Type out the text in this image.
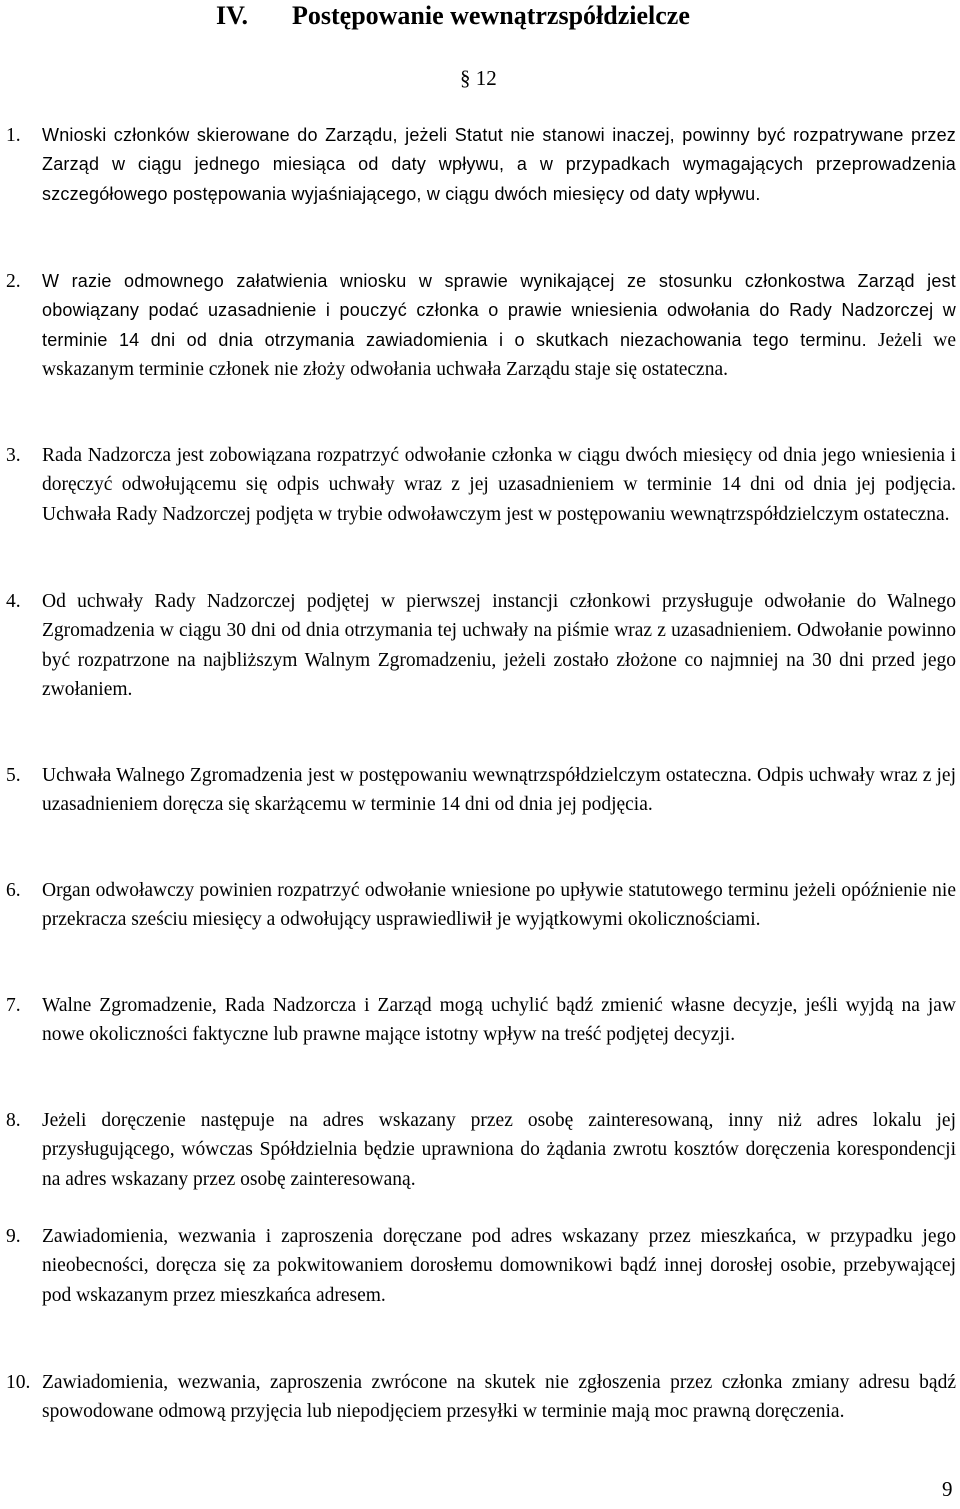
IV. Postępowanie wewnątrzspółdzielcze
§ 12
1. Wnioski członków skierowane do Zarządu, jeżeli Statut nie stanowi inaczej, powinny być rozpatrywane przez Zarząd w ciągu jednego miesiąca od daty wpływu, a w przypadkach wymagających przeprowadzenia szczegółowego postępowania wyjaśniającego, w ciągu dwóch miesięcy od daty wpływu.

2. W razie odmownego załatwienia wniosku w sprawie wynikającej ze stosunku członkostwa Zarząd jest obowiązany podać uzasadnienie i pouczyć członka o prawie wniesienia odwołania do Rady Nadzorczej w terminie 14 dni od dnia otrzymania zawiadomienia i o skutkach niezachowania tego terminu. Jeżeli we wskazanym terminie członek nie złoży odwołania uchwała Zarządu staje się ostateczna.

3. Rada Nadzorcza jest zobowiązana rozpatrzyć odwołanie członka w ciągu dwóch miesięcy od dnia jego wniesienia i doręczyć odwołującemu się odpis uchwały wraz z jej uzasadnieniem w terminie 14 dni od dnia jej podjęcia. Uchwała Rady Nadzorczej podjęta w trybie odwoławczym jest w postępowaniu wewnątrzspółdzielczym ostateczna.

4. Od uchwały Rady Nadzorczej podjętej w pierwszej instancji członkowi przysługuje odwołanie do Walnego Zgromadzenia w ciągu 30 dni od dnia otrzymania tej uchwały na piśmie wraz z uzasadnieniem. Odwołanie powinno być rozpatrzone na najbliższym Walnym Zgromadzeniu, jeżeli zostało złożone co najmniej na 30 dni przed jego zwołaniem.

5. Uchwała Walnego Zgromadzenia jest w postępowaniu wewnątrzspółdzielczym ostateczna. Odpis uchwały wraz z jej uzasadnieniem doręcza się skarżącemu w terminie 14 dni od dnia jej podjęcia.

6. Organ odwoławczy powinien rozpatrzyć odwołanie wniesione po upływie statutowego terminu jeżeli opóźnienie nie przekracza sześciu miesięcy a odwołujący usprawiedliwił je wyjątkowymi okolicznościami.

7. Walne Zgromadzenie, Rada Nadzorcza i Zarząd mogą uchylić bądź zmienić własne decyzje, jeśli wyjdą na jaw nowe okoliczności faktyczne lub prawne mające istotny wpływ na treść podjętej decyzji.

8. Jeżeli doręczenie następuje na adres wskazany przez osobę zainteresowaną, inny niż adres lokalu jej przysługującego, wówczas Spółdzielnia będzie uprawniona do żądania zwrotu kosztów doręczenia korespondencji na adres wskazany przez osobę zainteresowaną.

9. Zawiadomienia, wezwania i zaproszenia doręczane pod adres wskazany przez mieszkańca, w przypadku jego nieobecności, doręcza się za pokwitowaniem dorosłemu domownikowi bądź innej dorosłej osobie, przebywającej pod wskazanym przez mieszkańca adresem.

10. Zawiadomienia, wezwania, zaproszenia zwrócone na skutek nie zgłoszenia przez członka zmiany adresu bądź spowodowane odmową przyjęcia lub niepodjęciem przesyłki w terminie mają moc prawną doręczenia.

9
